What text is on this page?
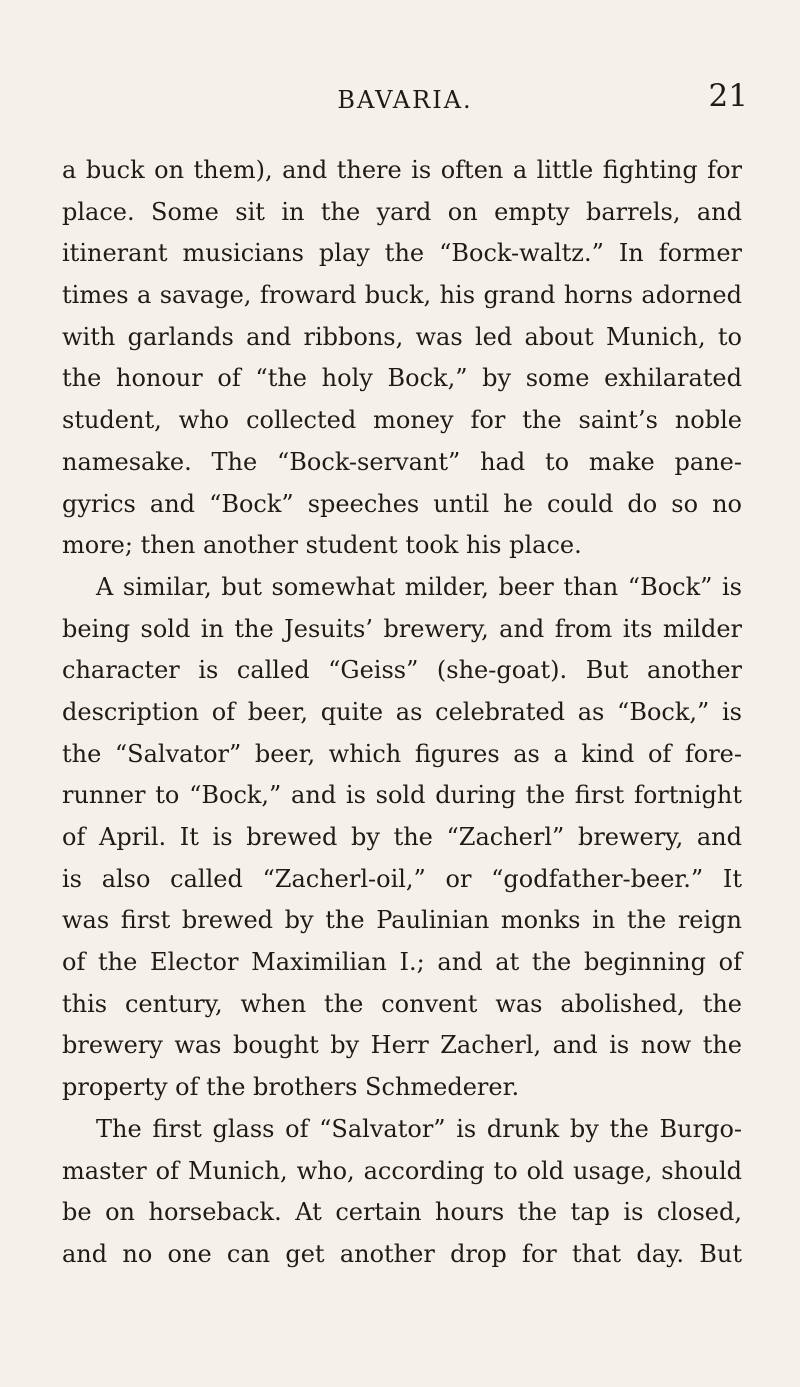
BAVARIA.	21
a buck on them), and there is often a little fighting for
place. Some sit in the yard on empty barrels, and
itinerant musicians play the “Bock-waltz.” In former
times a savage, froward buck, his grand horns adorned
with garlands and ribbons, was led about Munich, to
the honour of “the holy Bock,” by some exhilarated
student, who collected money for the saint’s noble
namesake. The “Bock-servant” had to make pane-
gyrics and “Bock” speeches until he could do so no
more; then another student took his place.
A similar, but somewhat milder, beer than “Bock” is
being sold in the Jesuits’ brewery, and from its milder
character is called “Geiss” (she-goat). But another
description of beer, quite as celebrated as “Bock,” is
the “Salvator” beer, which figures as a kind of fore-
runner to “Bock,” and is sold during the first fortnight
of April. It is brewed by the “Zacherl” brewery, and
is also called “Zacherl-oil,” or “godfather-beer.” It
was first brewed by the Paulinian monks in the reign
of the Elector Maximilian I.; and at the beginning of
this century, when the convent was abolished, the
brewery was bought by Herr Zacherl, and is now the
property of the brothers Schmederer.
The first glass of “Salvator” is drunk by the Burgo-
master of Munich, who, according to old usage, should
be on horseback. At certain hours the tap is closed,
and no one can get another drop for that day. But
